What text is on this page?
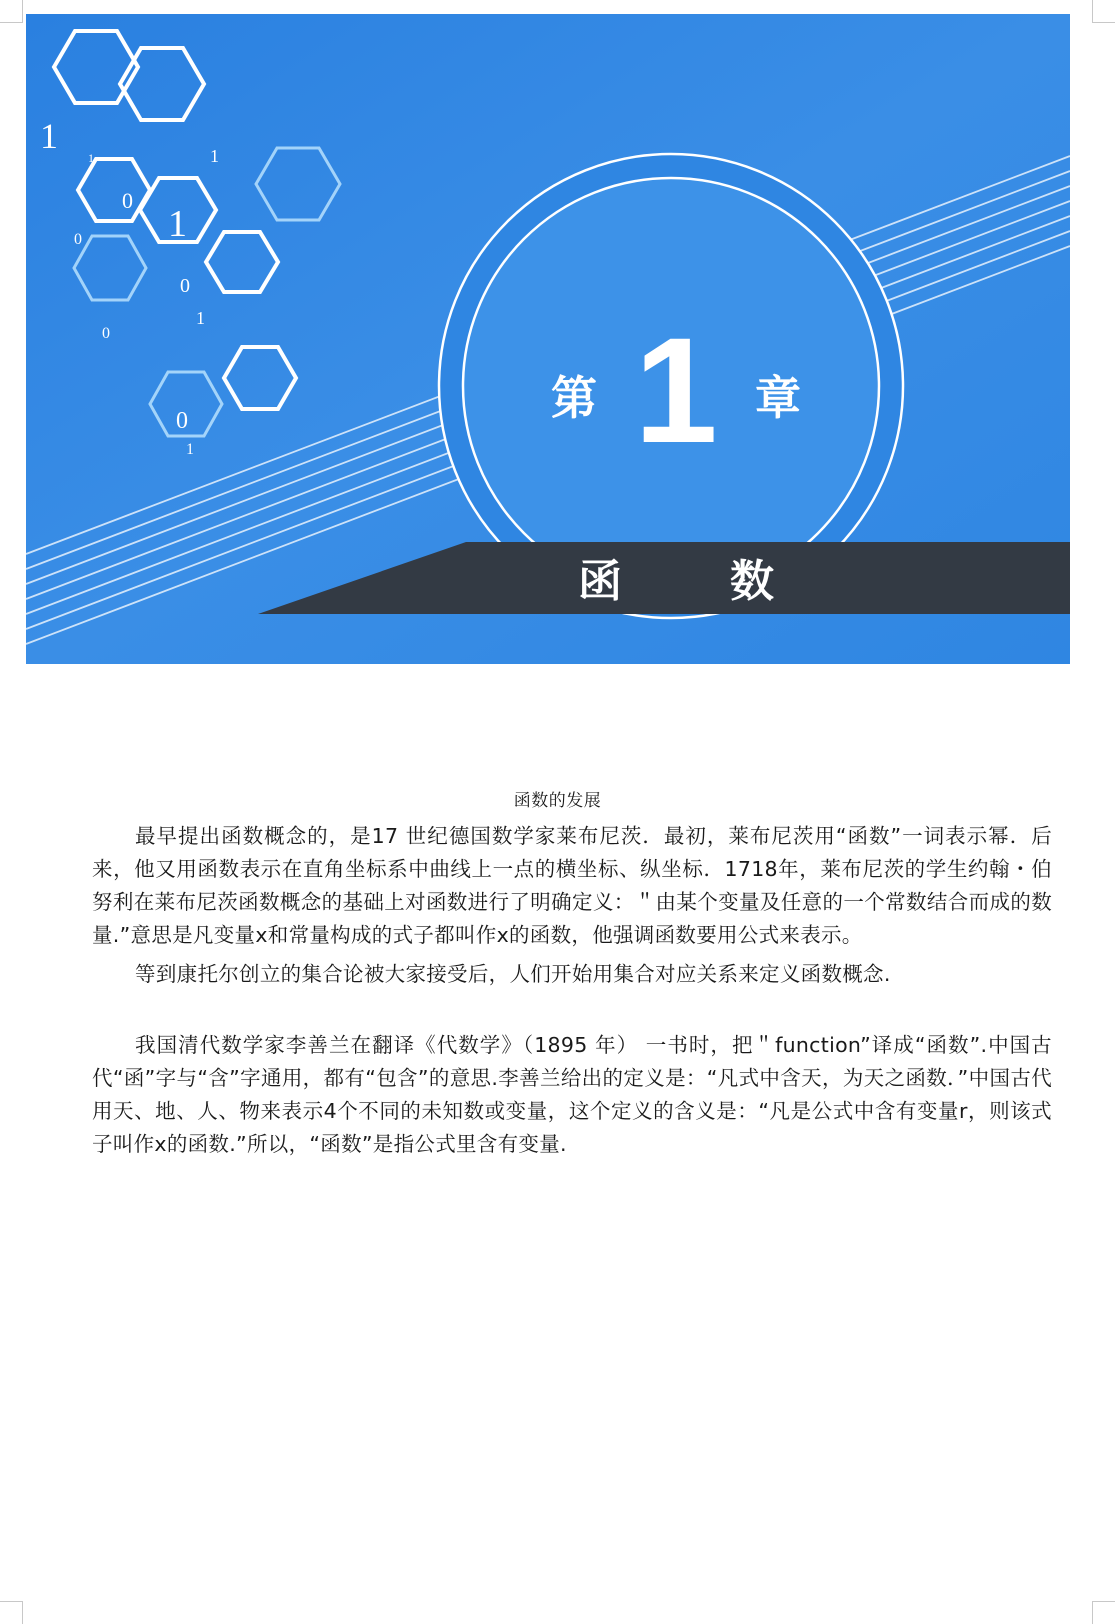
1	1
0
1
0
0
1
0
1
0
1
第 1 章
函 数
函数的发展

最早提出函数概念的，是17 世纪德国数学家莱布尼茨．最初，莱布尼茨用“函数”一词表示幂．后来，他又用函数表示在直角坐标系中曲线上一点的横坐标、纵坐标．1718年，莱布尼茨的学生约翰・伯努利在莱布尼茨函数概念的基础上对函数进行了明确定义：＂由某个变量及任意的一个常数结合而成的数量.”意思是凡变量x和常量构成的式子都叫作x的函数，他强调函数要用公式来表示。

等到康托尔创立的集合论被大家接受后，人们开始用集合对应关系来定义函数概念.

我国清代数学家李善兰在翻译《代数学》（1895 年） 一书时，把＂function”译成“函数”.中国古代“函”字与“含”字通用，都有“包含”的意思.李善兰给出的定义是：“凡式中含天，为天之函数．”中国古代用天、地、人、物来表示4个不同的未知数或变量，这个定义的含义是：“凡是公式中含有变量r，则该式子叫作x的函数.”所以，“函数”是指公式里含有变量.
